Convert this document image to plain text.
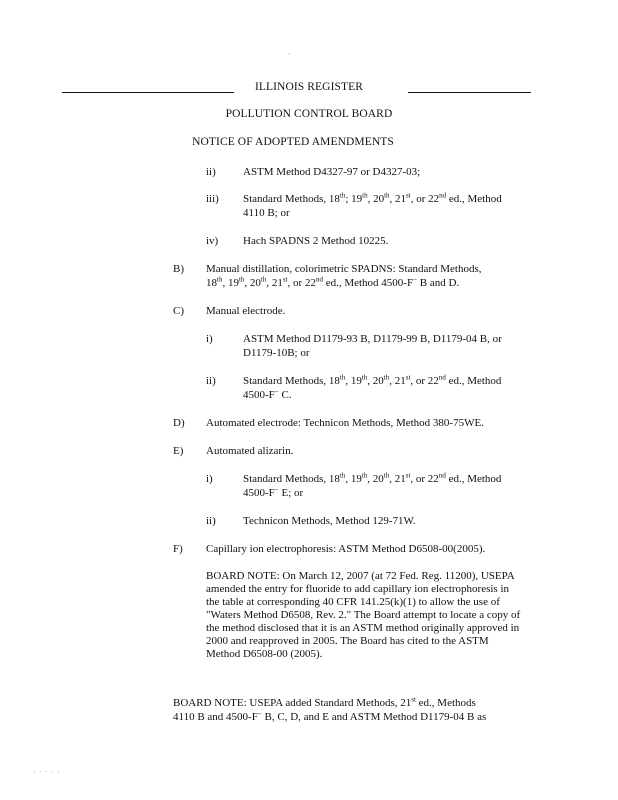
·
ILLINOIS REGISTER
POLLUTION CONTROL BOARD
NOTICE OF ADOPTED AMENDMENTS
ii) ASTM Method D4327-97 or D4327-03;
iii) Standard Methods, 18th; 19th, 20th, 21st, or 22nd ed., Method
4110 B; or
iv) Hach SPADNS 2 Method 10225.
B) Manual distillation, colorimetric SPADNS: Standard Methods,
18th, 19th, 20th, 21st, or 22nd ed., Method 4500-F− B and D.
C) Manual electrode.
i)	ASTM Method D1179-93 B, D1179-99 B, D1179-04 B, or
D1179-10B; or
ii) Standard Methods, 18th, 19th, 20th, 21st, or 22nd ed., Method
4500-F− C.
D) Automated electrode: Technicon Methods, Method 380-75WE.
E) Automated alizarin.
i)	Standard Methods, 18th, 19th, 20th, 21st, or 22nd ed., Method
4500-F− E; or
ii) Technicon Methods, Method 129-71W.
F) Capillary ion electrophoresis: ASTM Method D6508-00(2005).
BOARD NOTE: On March 12, 2007 (at 72 Fed. Reg. 11200), USEPA amended the entry for fluoride to add capillary ion electrophoresis in the table at corresponding 40 CFR 141.25(k)(1) to allow the use of "Waters Method D6508, Rev. 2." The Board attempt to locate a copy of the method disclosed that it is an ASTM method originally approved in 2000 and reapproved in 2005. The Board has cited to the ASTM Method D6508-00 (2005).
BOARD NOTE: USEPA added Standard Methods, 21st ed., Methods
4110 B and 4500-F− B, C, D, and E and ASTM Method D1179-04 B as
· · · · ·
